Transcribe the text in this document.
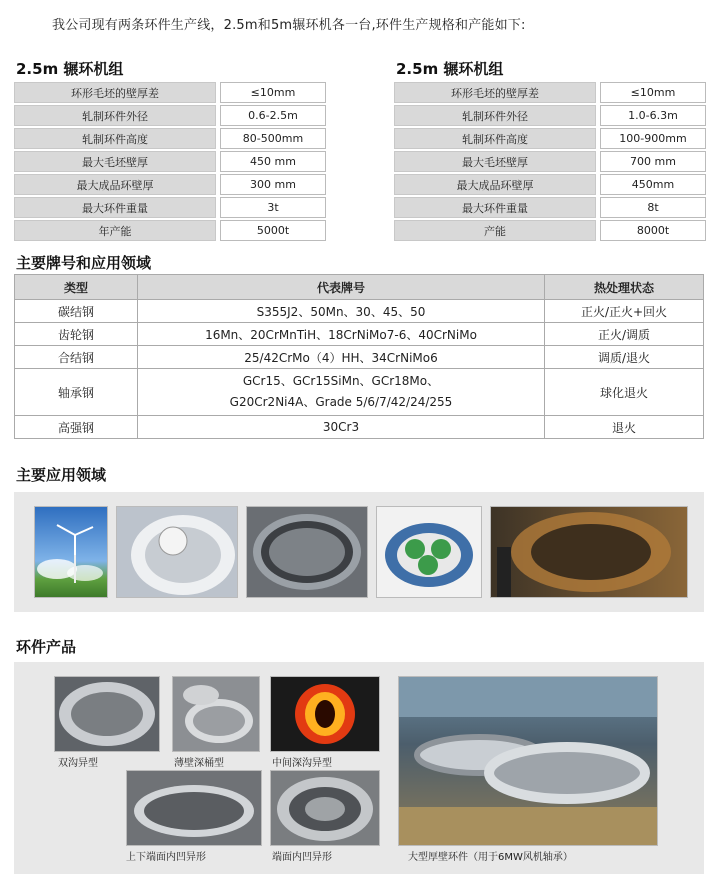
我公司现有两条环件生产线，2.5m和5m辗环机各一台,环件生产规格和产能如下:
2.5m 辗环机组
环形毛坯的壁厚差		≤10mm
轧制环件外径		0.6-2.5m
轧制环件高度		80-500mm
最大毛坯壁厚		450 mm
最大成品环壁厚		300 mm
最大环件重量		3t
年产能		5000t
2.5m 辗环机组
环形毛坯的壁厚差		≤10mm
轧制环件外径		1.0-6.3m
轧制环件高度		100-900mm
最大毛坯壁厚		700 mm
最大成品环壁厚		450mm
最大环件重量		8t
产能		8000t
主要牌号和应用领域
类型	代表牌号	热处理状态
碳结钢	S355J2、50Mn、30、45、50	正火/正火+回火
齿轮钢	16Mn、20CrMnTiH、18CrNiMo7-6、40CrNiMo	正火/调质
合结钢	25/42CrMo（4）HH、34CrNiMo6	调质/退火
轴承钢	GCr15、GCr15SiMn、GCr18Mo、
G20Cr2Ni4A、Grade 5/6/7/42/24/255	球化退火
高强钢	30Cr3	退火
主要应用领域
环件产品
双沟异型	薄壁深桶型	中间深沟异型
上下端面内凹异形	端面内凹异形	大型厚壁环件（用于6MW风机轴承）
